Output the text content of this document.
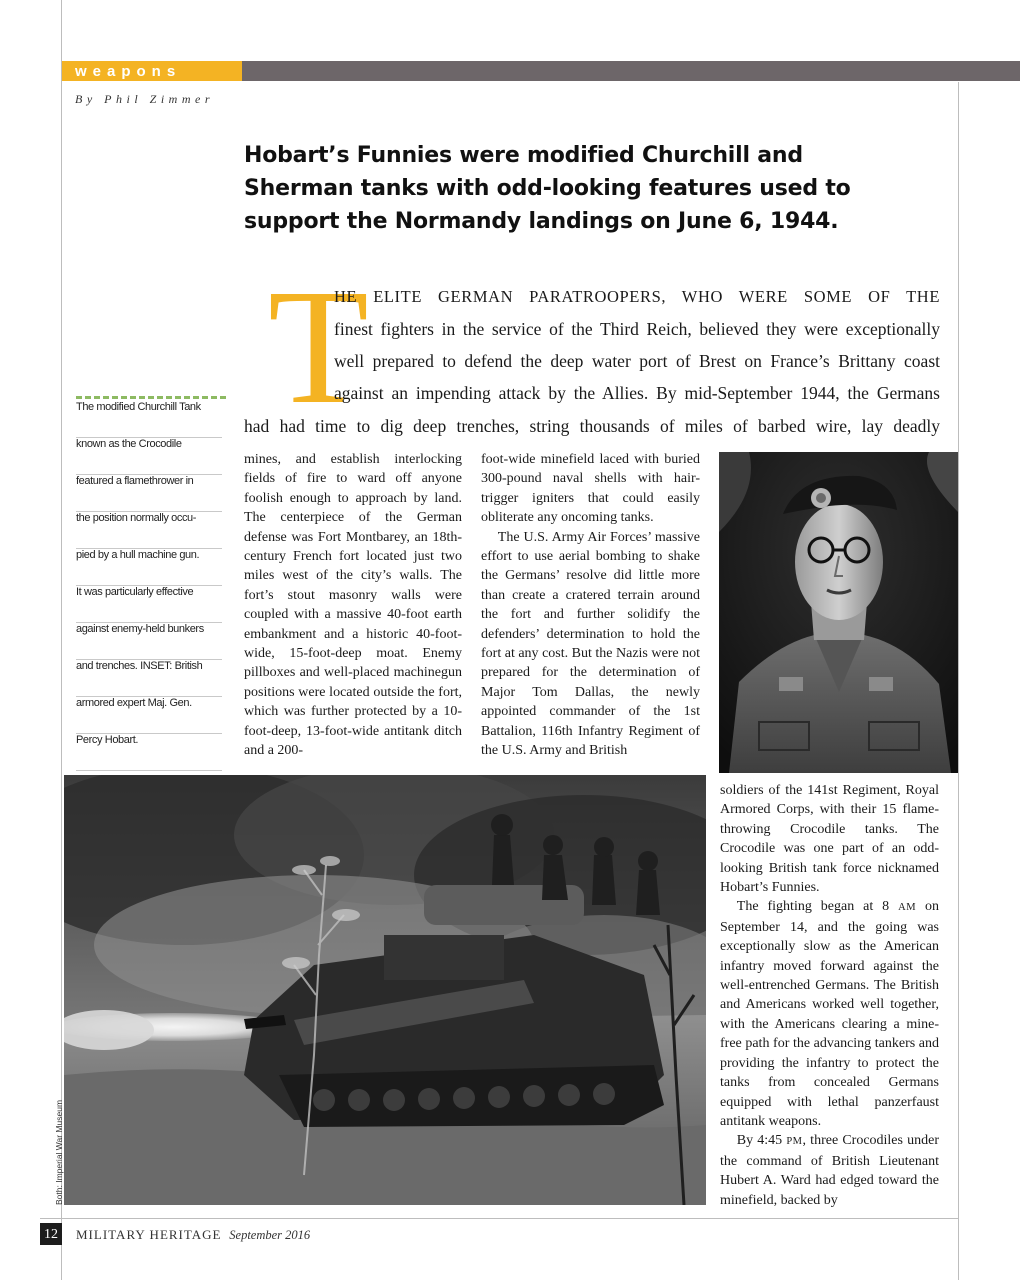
weapons
By Phil Zimmer
Hobart’s Funnies were modified Churchill and Sherman tanks with odd-looking features used to support the Normandy landings on June 6, 1944.
T
HE ELITE GERMAN PARATROOPERS, WHO WERE SOME OF THE
finest fighters in the service of the Third Reich, believed they were exceptionally
well prepared to defend the deep water port of Brest on France’s Brittany coast
against an impending attack by the Allies. By mid-September 1944, the Germans
had had time to dig deep trenches, string thousands of miles of barbed wire, lay deadly
The modified Churchill Tank
known as the Crocodile
featured a flamethrower in
the position normally occu-
pied by a hull machine gun.
It was particularly effective
against enemy-held bunkers
and trenches. INSET: British
armored expert Maj. Gen.
Percy Hobart.

mines, and establish interlocking fields of fire to ward off anyone foolish enough to approach by land. The centerpiece of the German defense was Fort Montbarey, an 18th-century French fort located just two miles west of the city’s walls. The fort’s stout masonry walls were coupled with a massive 40-foot earth embankment and a historic 40-foot-wide, 15-foot-deep moat. Enemy pillboxes and well-placed machinegun positions were located outside the fort, which was further protected by a 10-foot-deep, 13-foot-wide antitank ditch and a 200-

foot-wide minefield laced with buried 300-pound naval shells with hair-trigger igniters that could easily obliterate any oncoming tanks.

The U.S. Army Air Forces’ massive effort to use aerial bombing to shake the Germans’ resolve did little more than create a cratered terrain around the fort and further solidify the defenders’ determination to hold the fort at any cost. But the Nazis were not prepared for the determination of Major Tom Dallas, the newly appointed commander of the 1st Battalion, 116th Infantry Regiment of the U.S. Army and British

soldiers of the 141st Regiment, Royal Armored Corps, with their 15 flame-throwing Crocodile tanks. The Crocodile was one part of an odd-looking British tank force nicknamed Hobart’s Funnies.

The fighting began at 8 AM on September 14, and the going was exceptionally slow as the American infantry moved forward against the well-entrenched Germans. The British and Americans worked well together, with the Americans clearing a mine-free path for the advancing tankers and providing the infantry to protect the tanks from concealed Germans equipped with lethal panzerfaust antitank weapons.

By 4:45 PM, three Crocodiles under the command of British Lieutenant Hubert A. Ward had edged toward the minefield, backed by

Both: Imperial War Museum
12	MILITARY HERITAGE September 2016
